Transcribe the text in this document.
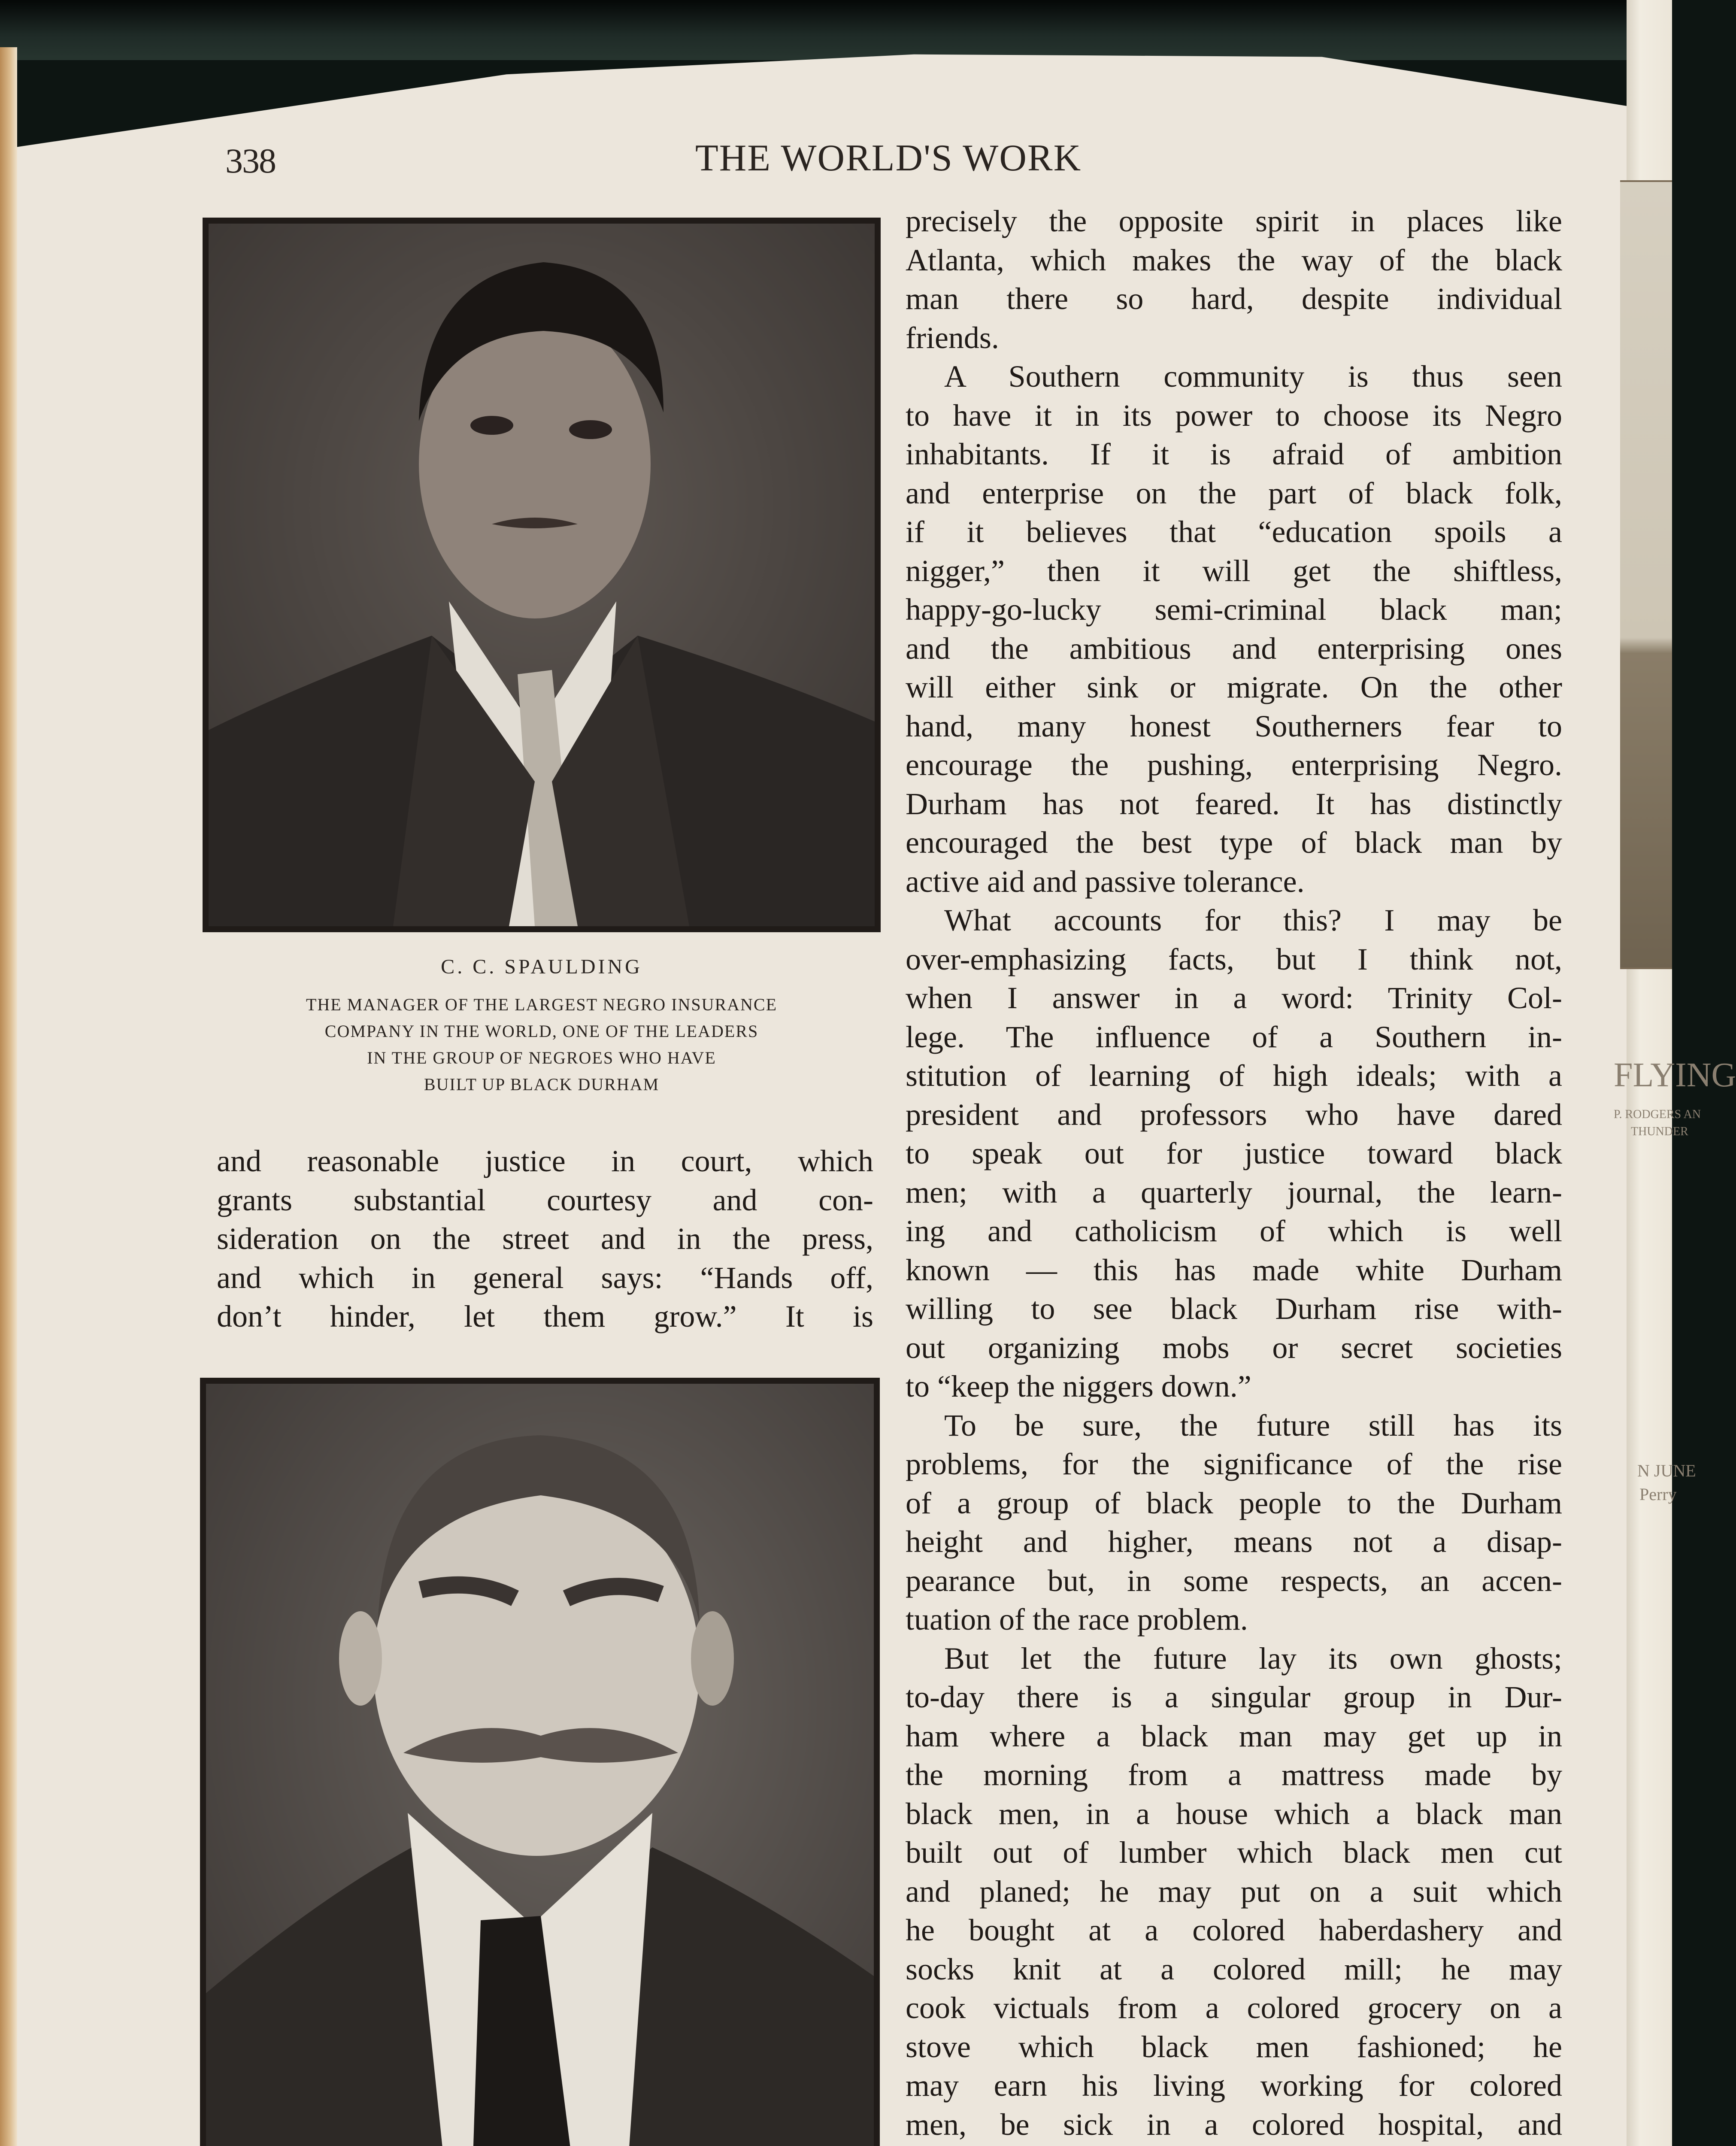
FLYING
P. RODGERS AN
THUNDER
N JUNE
Perry
338	THE WORLD'S WORK
C. C. SPAULDING
THE MANAGER OF THE LARGEST NEGRO INSURANCE
COMPANY IN THE WORLD, ONE OF THE LEADERS
IN THE GROUP OF NEGROES WHO HAVE
BUILT UP BLACK DURHAM
and reasonable justice in court, which
grants substantial courtesy and con-
sideration on the street and in the press,
and which in general says: “Hands off,
don’t hinder, let them grow.” It is
precisely the opposite spirit in places like
Atlanta, which makes the way of the black
man there so hard, despite individual
friends.
A Southern community is thus seen
to have it in its power to choose its Negro
inhabitants. If it is afraid of ambition
and enterprise on the part of black folk,
if it believes that “education spoils a
nigger,” then it will get the shiftless,
happy-go-lucky semi-criminal black man;
and the ambitious and enterprising ones
will either sink or migrate. On the other
hand, many honest Southerners fear to
encourage the pushing, enterprising Negro.
Durham has not feared. It has distinctly
encouraged the best type of black man by
active aid and passive tolerance.
What accounts for this? I may be
over-emphasizing facts, but I think not,
when I answer in a word: Trinity Col-
lege. The influence of a Southern in-
stitution of learning of high ideals; with a
president and professors who have dared
to speak out for justice toward black
men; with a quarterly journal, the learn-
ing and catholicism of which is well
known — this has made white Durham
willing to see black Durham rise with-
out organizing mobs or secret societies
to “keep the niggers down.”
To be sure, the future still has its
problems, for the significance of the rise
of a group of black people to the Durham
height and higher, means not a disap-
pearance but, in some respects, an accen-
tuation of the race problem.
But let the future lay its own ghosts;
to-day there is a singular group in Dur-
ham where a black man may get up in
the morning from a mattress made by
black men, in a house which a black man
built out of lumber which black men cut
and planed; he may put on a suit which
he bought at a colored haberdashery and
socks knit at a colored mill; he may
cook victuals from a colored grocery on a
stove which black men fashioned; he
may earn his living working for colored
men, be sick in a colored hospital, and
